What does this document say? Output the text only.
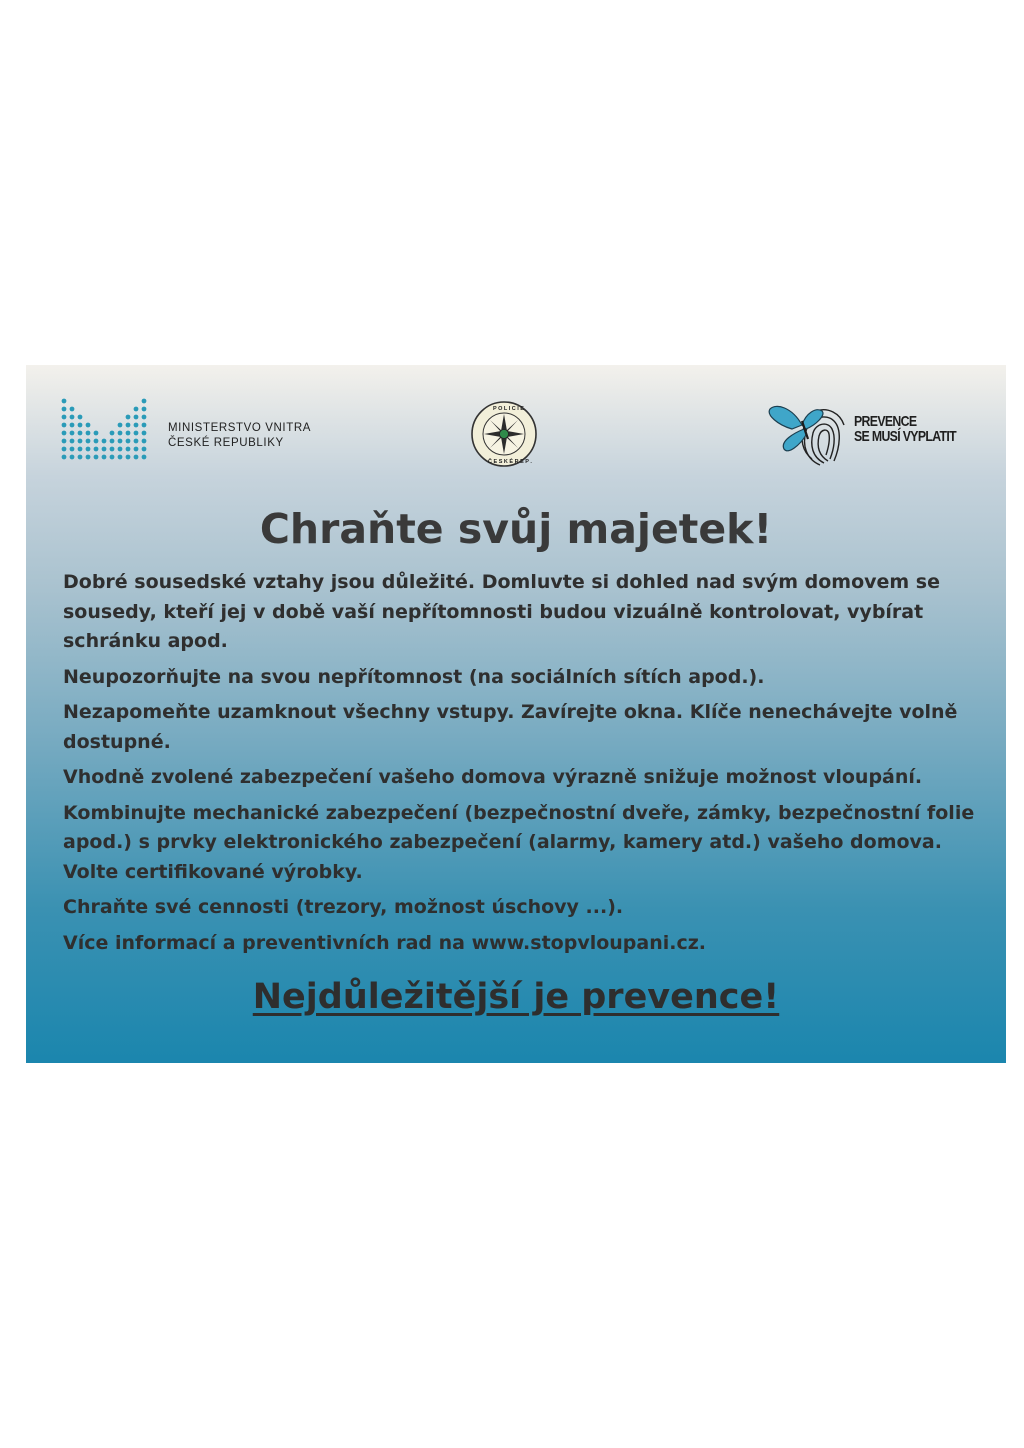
MINISTERSTVO VNITRA
ČESKÉ REPUBLIKY
P O L I C I E
Č E S K É R E P .
PREVENCE
SE MUSÍ VYPLATIT
Chraňte svůj majetek!

Dobré sousedské vztahy jsou důležité. Domluvte si dohled nad svým domovem se sousedy, kteří jej v době vaší nepřítomnosti budou vizuálně kontrolovat, vybírat schránku apod.

Neupozorňujte na svou nepřítomnost (na sociálních sítích apod.).

Nezapomeňte uzamknout všechny vstupy. Zavírejte okna. Klíče nenechávejte volně dostupné.

Vhodně zvolené zabezpečení vašeho domova výrazně snižuje možnost vloupání.

Kombinujte mechanické zabezpečení (bezpečnostní dveře, zámky, bezpečnostní folie apod.) s prvky elektronického zabezpečení (alarmy, kamery atd.) vašeho domova. Volte certifikované výrobky.

Chraňte své cennosti (trezory, možnost úschovy ...).

Více informací a preventivních rad na www.stopvloupani.cz.

Nejdůležitější je prevence!
